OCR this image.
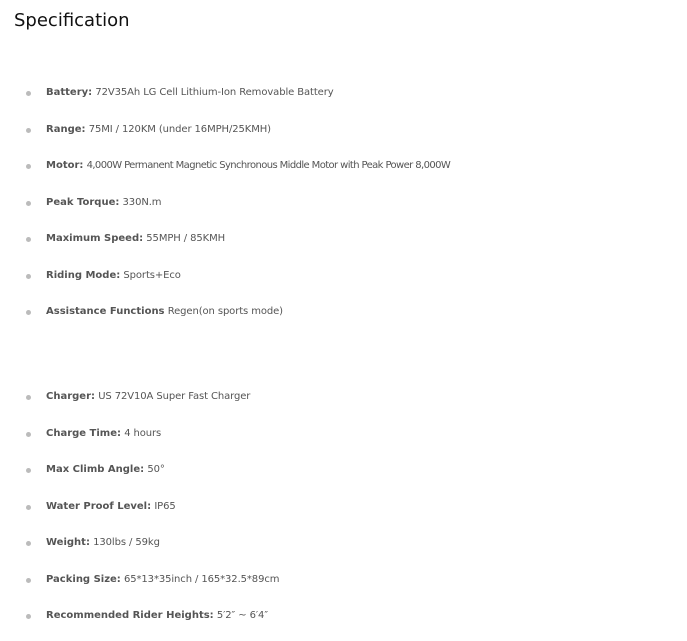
Specification
Battery: 72V35Ah LG Cell Lithium-Ion Removable Battery
Range: 75MI / 120KM (under 16MPH/25KMH)
Motor: 4,000W Permanent Magnetic Synchronous Middle Motor with Peak Power 8,000W
Peak Torque: 330N.m
Maximum Speed: 55MPH / 85KMH
Riding Mode: Sports+Eco
Assistance Functions Regen(on sports mode)
Charger: US 72V10A Super Fast Charger
Charge Time: 4 hours
Max Climb Angle: 50°
Water Proof Level: IP65
Weight: 130lbs / 59kg
Packing Size: 65*13*35inch / 165*32.5*89cm
Recommended Rider Heights: 5′2″ ~ 6′4″
